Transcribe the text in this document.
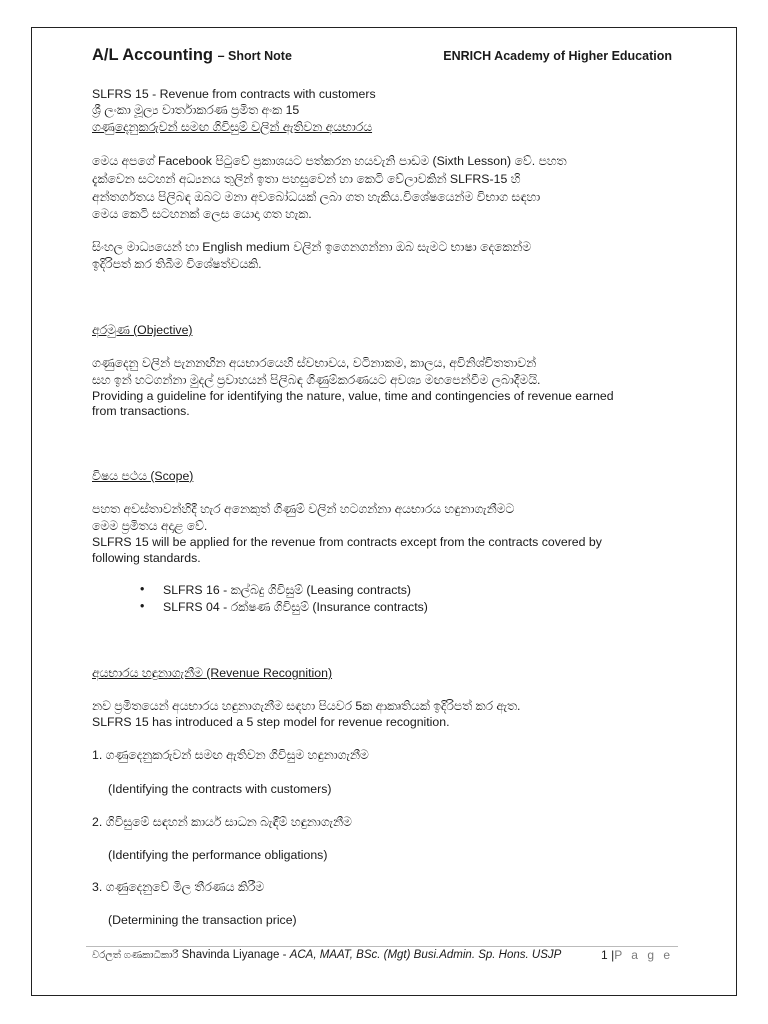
A/L Accounting – Short Note	ENRICH Academy of Higher Education
SLFRS 15 - Revenue from contracts with customers
ශ්‍රී ලංකා මූල්‍ය වාර්තාකරණ ප්‍රමිත අංක 15
ගණුදෙනුකරුවන් සමඟ ගිවිසුම් වලින් ඇතිවන අයභාරය
මෙය අපගේ Facebook පිටුවේ ප්‍රකාශයට පත්කරන හයවැනි පාඩම (Sixth Lesson) වේ. පහත
දැක්වෙන සටහන් අධ්‍යනය තුලින් ඉතා පහසුවෙන් හා කෙටි වේලාවකින් SLFRS-15 හි
අන්තර්ගතය පිලිබඳ ඔබට මනා අවබෝධයක් ලබා ගත හැකිය.විශේෂයෙන්ම විභාග සඳහා
මෙය කෙටි සටහනක් ලෙස යොදා ගත හැක.
සිංහල මාධ්‍යයෙන් හා English medium වලින් ඉගෙනගන්නා ඔබ සැමට භාෂා දෙකෙන්ම
ඉදිරිපත් කර තිබීම විශේෂත්වයකි.
අරමුණ (Objective)
ගණුදෙනු වලින් පැනනඟින අයභාරයෙහි ස්වභාවය, වටිනාකම, කාලය, අවිනිශ්චිතතාවන්
සහ ඉන් හටගන්නා මුදල් ප්‍රවාහයන් පිලිබඳ ගිණුම්කරණයට අවශ්‍ය මඟපෙන්වීම ලබාදීමයි.
Providing a guideline for identifying the nature, value, time and contingencies of revenue earned
from transactions.
විෂය පථය (Scope)
පහත අවස්තාවන්හිදී හැර අනෙකුත් ගිණුම් වලින් හටගන්නා අයභාරය හඳුනාගැනීමට
මෙම ප්‍රමිතය අදාළ වේ.
SLFRS 15 will be applied for the revenue from contracts except from the contracts covered by
following standards.
• SLFRS 16 - කල්බදු ගිවිසුම් (Leasing contracts)
• SLFRS 04 - රක්ෂණ ගිවිසුම් (Insurance contracts)
අයභාරය හඳුනාගැනීම (Revenue Recognition)
නව ප්‍රමිතයෙන් අයභාරය හඳුනාගැනීම සඳහා පියවර 5ක ආකෘතියක් ඉදිරිපත් කර ඇත.
SLFRS 15 has introduced a 5 step model for revenue recognition.
1. ගණුදෙනුකරුවන් සමඟ ඇතිවන ගිවිසුම හඳුනාගැනීම
(Identifying the contracts with customers)
2. ගිවිසුමේ සඳහන් කාර්ය සාධන බැඳීම් හඳුනාගැනීම
(Identifying the performance obligations)
3. ගණුදෙනුවේ මිල තීරණය කිරීම
(Determining the transaction price)
වරලත් ගණකාධිකාරී Shavinda Liyanage - ACA, MAAT, BSc. (Mgt) Busi.Admin. Sp. Hons. USJP	1 |P a g e
